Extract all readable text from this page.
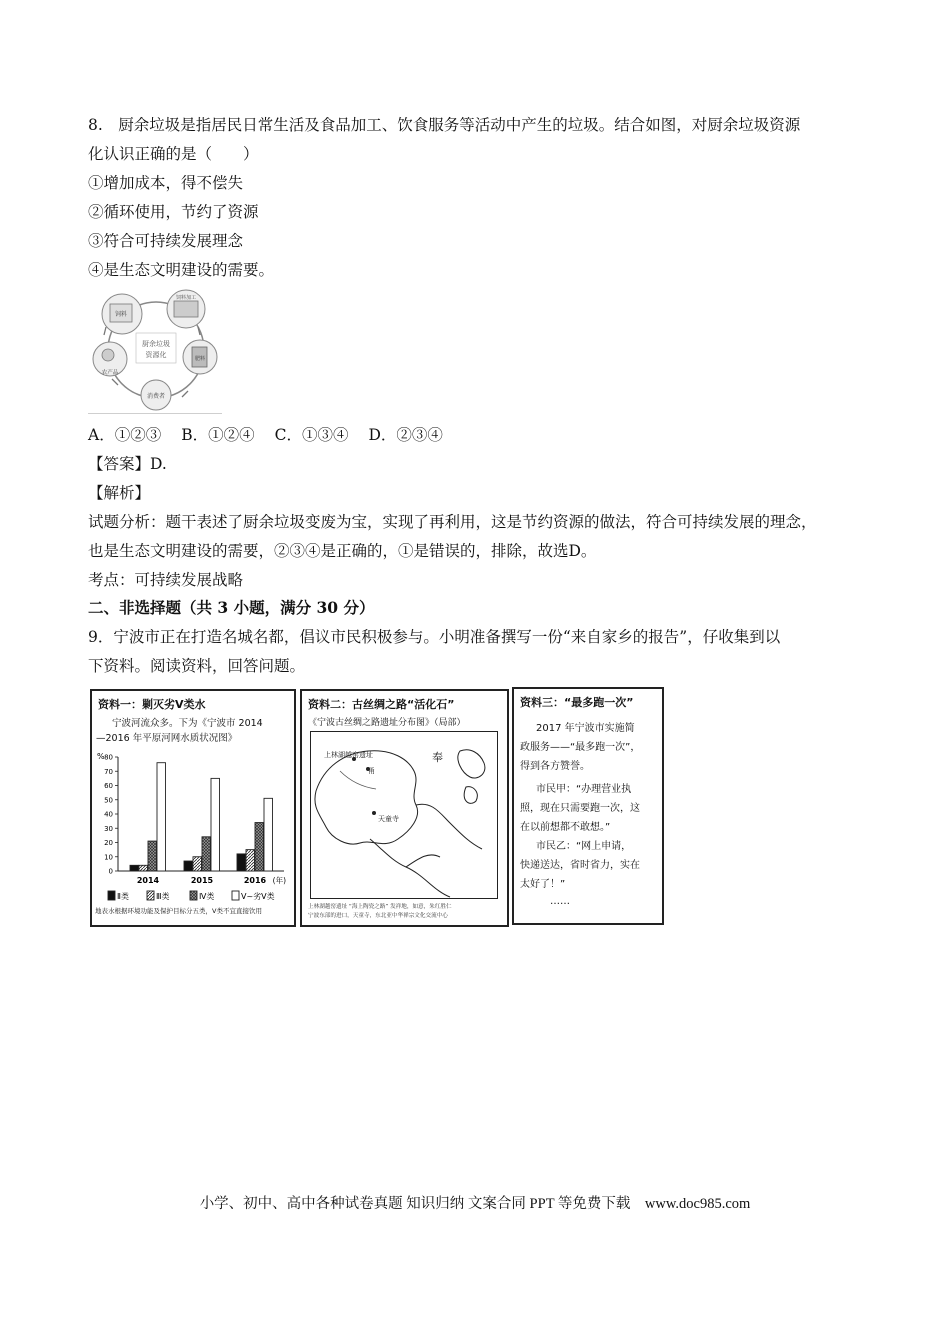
8.　厨余垃圾是指居民日常生活及食品加工、饮食服务等活动中产生的垃圾。结合如图，对厨余垃圾资源
化认识正确的是（　　）
①增加成本，得不偿失
②循环使用，节约了资源
③符合可持续发展理念
④是生态文明建设的需要。
厨余垃圾
资源化
饲料
饲料加工
肥料
农产品
消费者
A．①②③ B．①②④ C．①③④ D．②③④
【答案】D.
【解析】
试题分析：题干表述了厨余垃圾变废为宝，实现了再利用，这是节约资源的做法，符合可持续发展的理念，
也是生态文明建设的需要，②③④是正确的，①是错误的，排除，故选D。
考点：可持续发展战略
二、非选择题（共 3 小题，满分 30 分）
9．宁波市正在打造名城名都，倡议市民积极参与。小明准备撰写一份“来自家乡的报告”，仔收集到以
下资料。阅读资料，回答问题。
资料一：剿灭劣Ⅴ类水
宁波河流众多。下为《宁波市 2014
—2016 年平原河网水质状况图》
%
0
10
20
30
40
50
60
70
80
2014	2015	2016 (年)
Ⅱ类	Ⅲ类	Ⅳ类	Ⅴ~劣Ⅴ类
地表水根据环境功能及保护目标分五类，Ⅴ类不宜直接饮用
资料二：古丝绸之路“活化石”
《宁波古丝绸之路遗址分布图》（局部）
上林湖越窑遗址
天童寺
奉
甬
上林湖越窑遗址 “海上陶瓷之路” 发祥地，如意，朱红胜仁
宁波东部的进口，天童寺，东北亚中华禅宗文化交流中心
资料三：“最多跑一次”
2017 年宁波市实施简
政服务——“最多跑一次”，
得到各方赞誉。
市民甲：“办理营业执
照，现在只需要跑一次，这
在以前想都不敢想。”
市民乙：“网上申请，
快递送达，省时省力，实在
太好了！”
……
小学、初中、高中各种试卷真题 知识归纳 文案合同 PPT 等免费下载　www.doc985.com
